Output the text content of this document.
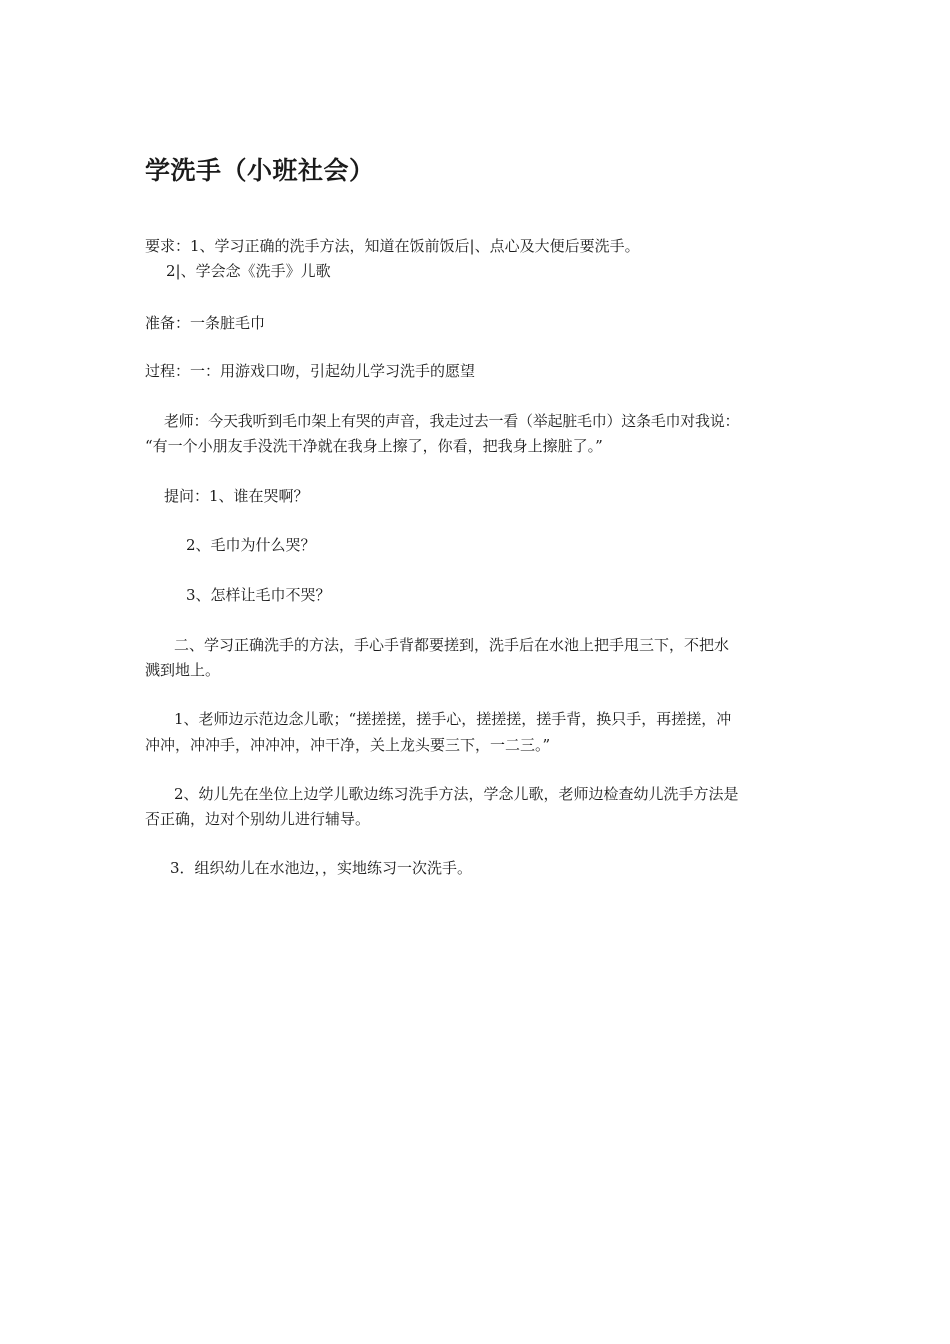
学洗手（小班社会）
要求：1、学习正确的洗手方法，知道在饭前饭后|、点心及大便后要洗手。
2|、学会念《洗手》儿歌
准备：一条脏毛巾
过程：一：用游戏口吻，引起幼儿学习洗手的愿望
老师：今天我听到毛巾架上有哭的声音，我走过去一看（举起脏毛巾）这条毛巾对我说：
“有一个小朋友手没洗干净就在我身上擦了，你看，把我身上擦脏了。”
提问：1、谁在哭啊？
2、毛巾为什么哭？
3、怎样让毛巾不哭？
二、学习正确洗手的方法，手心手背都要搓到，洗手后在水池上把手甩三下，不把水
溅到地上。
1、老师边示范边念儿歌；“搓搓搓，搓手心，搓搓搓，搓手背，换只手，再搓搓，冲
冲冲，冲冲手，冲冲冲，冲干净，关上龙头要三下，一二三。”
2、幼儿先在坐位上边学儿歌边练习洗手方法，学念儿歌，老师边检查幼儿洗手方法是
否正确，边对个别幼儿进行辅导。
3．组织幼儿在水池边，，实地练习一次洗手。
